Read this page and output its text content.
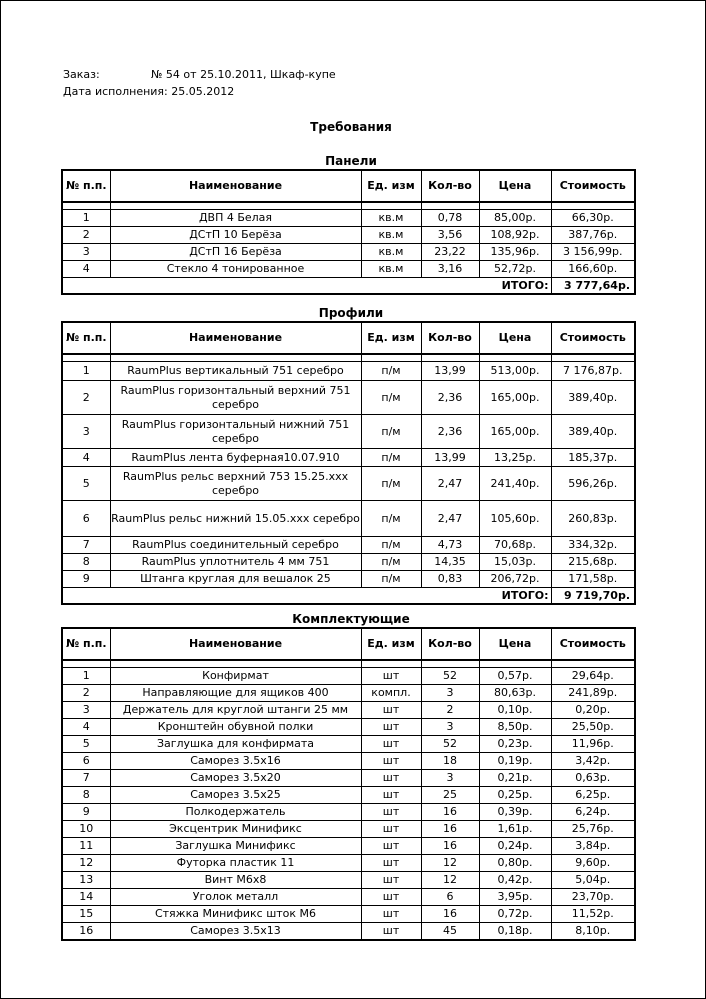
Заказ:	№ 54 от 25.10.2011, Шкаф-купе
Дата исполнения: 25.05.2012
Требования
Панели
№ п.п.	Наименование	Ед. изм	Кол-во	Цена	Стоимость

1	ДВП 4 Белая	кв.м	0,78	85,00р.	66,30р.
2	ДСтП 10 Берёза	кв.м	3,56	108,92р.	387,76р.
3	ДСтП 16 Берёза	кв.м	23,22	135,96р.	3 156,99р.
4	Стекло 4 тонированное	кв.м	3,16	52,72р.	166,60р.
ИТОГО:					3 777,64р.
Профили
№ п.п.	Наименование	Ед. изм	Кол-во	Цена	Стоимость

1	RaumPlus вертикальный 751 серебро	п/м	13,99	513,00р.	7 176,87р.
2	RaumPlus горизонтальный верхний 751 серебро	п/м	2,36	165,00р.	389,40р.
3	RaumPlus горизонтальный нижний 751 серебро	п/м	2,36	165,00р.	389,40р.
4	RaumPlus лента буферная10.07.910	п/м	13,99	13,25р.	185,37р.
5	RaumPlus рельс верхний 753 15.25.ххх серебро	п/м	2,47	241,40р.	596,26р.
6	RaumPlus рельс нижний 15.05.ххх серебро	п/м	2,47	105,60р.	260,83р.
7	RaumPlus соединительный серебро	п/м	4,73	70,68р.	334,32р.
8	RaumPlus уплотнитель 4 мм 751	п/м	14,35	15,03р.	215,68р.
9	Штанга круглая для вешалок 25	п/м	0,83	206,72р.	171,58р.
ИТОГО:					9 719,70р.
Комплектующие
№ п.п.	Наименование	Ед. изм	Кол-во	Цена	Стоимость

1	Конфирмат	шт	52	0,57р.	29,64р.
2	Направляющие для ящиков 400	компл.	3	80,63р.	241,89р.
3	Держатель для круглой штанги 25 мм	шт	2	0,10р.	0,20р.
4	Кронштейн обувной полки	шт	3	8,50р.	25,50р.
5	Заглушка для конфирмата	шт	52	0,23р.	11,96р.
6	Саморез 3.5х16	шт	18	0,19р.	3,42р.
7	Саморез 3.5х20	шт	3	0,21р.	0,63р.
8	Саморез 3.5х25	шт	25	0,25р.	6,25р.
9	Полкодержатель	шт	16	0,39р.	6,24р.
10	Эксцентрик Минификс	шт	16	1,61р.	25,76р.
11	Заглушка Минификс	шт	16	0,24р.	3,84р.
12	Футорка пластик 11	шт	12	0,80р.	9,60р.
13	Винт М6х8	шт	12	0,42р.	5,04р.
14	Уголок металл	шт	6	3,95р.	23,70р.
15	Стяжка Минификс шток М6	шт	16	0,72р.	11,52р.
16	Саморез 3.5х13	шт	45	0,18р.	8,10р.
